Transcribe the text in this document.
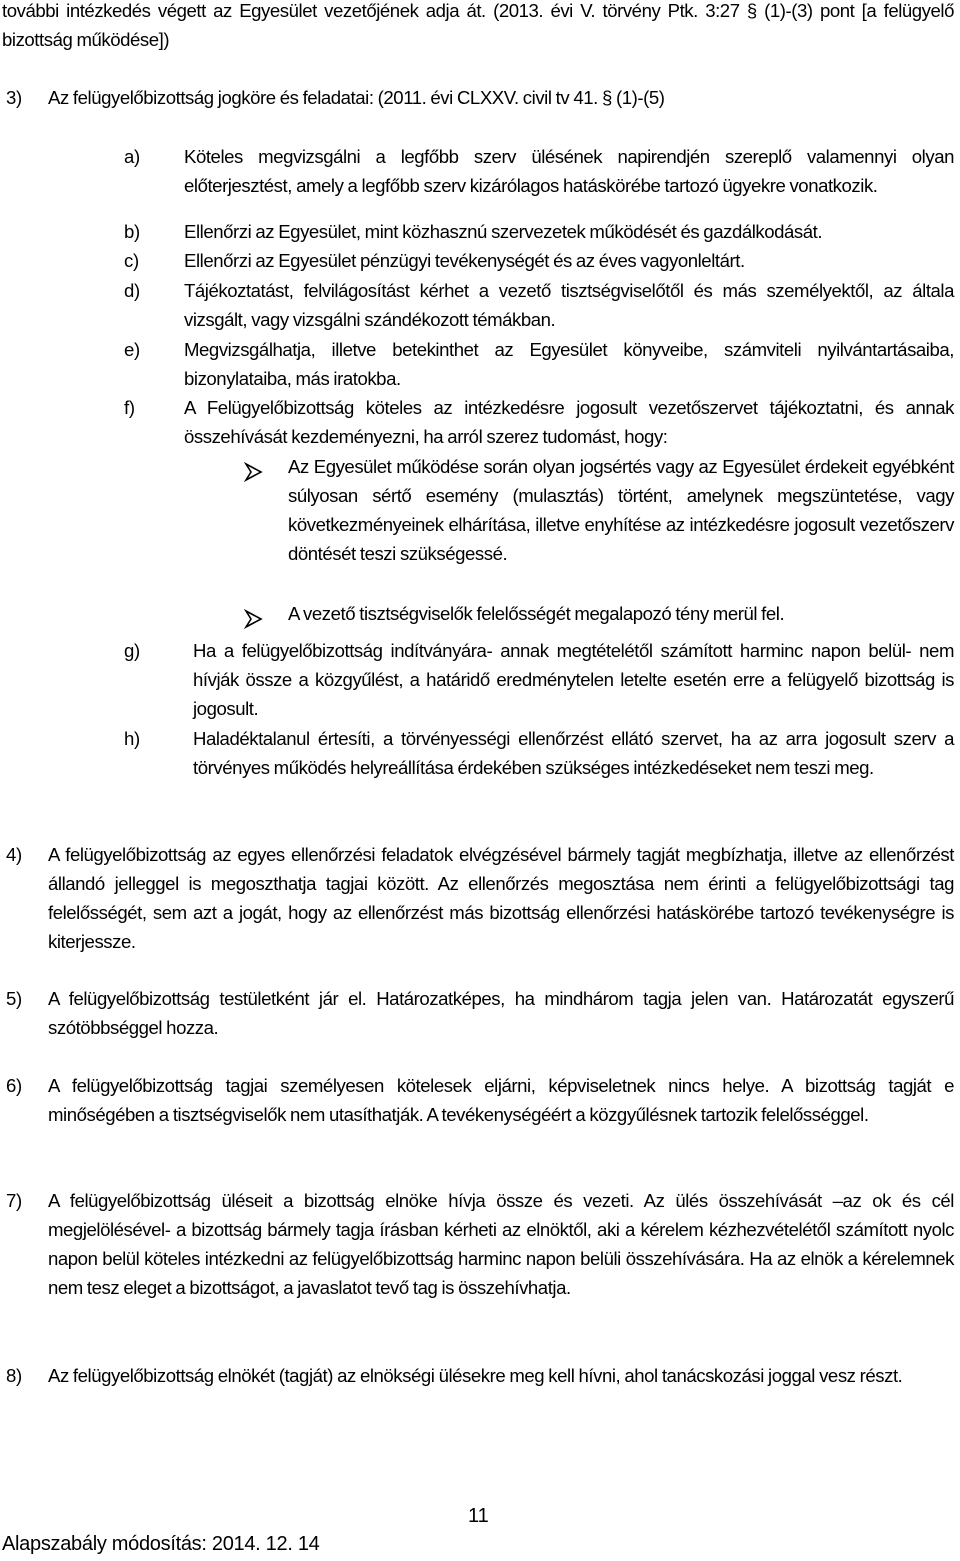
további intézkedés végett az Egyesület vezetőjének adja át. (2013. évi V. törvény Ptk. 3:27 § (1)-(3) pont [a felügyelő bizottság működése])
3) Az felügyelőbizottság jogköre és feladatai: (2011. évi CLXXV. civil tv 41. § (1)-(5)
a) Köteles megvizsgálni a legfőbb szerv ülésének napirendjén szereplő valamennyi olyan előterjesztést, amely a legfőbb szerv kizárólagos hatáskörébe tartozó ügyekre vonatkozik.
b) Ellenőrzi az Egyesület, mint közhasznú szervezetek működését és gazdálkodását.
c) Ellenőrzi az Egyesület pénzügyi tevékenységét és az éves vagyonleltárt.
d) Tájékoztatást, felvilágosítást kérhet a vezető tisztségviselőtől és más személyektől, az általa vizsgált, vagy vizsgálni szándékozott témákban.
e) Megvizsgálhatja, illetve betekinthet az Egyesület könyveibe, számviteli nyilvántartásaiba, bizonylataiba, más iratokba.
f)	A Felügyelőbizottság köteles az intézkedésre jogosult vezetőszervet tájékoztatni, és annak összehívását kezdeményezni, ha arról szerez tudomást, hogy:
Az Egyesület működése során olyan jogsértés vagy az Egyesület érdekeit egyébként súlyosan sértő esemény (mulasztás) történt, amelynek megszüntetése, vagy következményeinek elhárítása, illetve enyhítése az intézkedésre jogosult vezetőszerv döntését teszi szükségessé.
A vezető tisztségviselők felelősségét megalapozó tény merül fel.
g)	Ha a felügyelőbizottság indítványára- annak megtételétől számított harminc napon belül- nem hívják össze a közgyűlést, a határidő eredménytelen letelte esetén erre a felügyelő bizottság is jogosult.
h)	Haladéktalanul értesíti, a törvényességi ellenőrzést ellátó szervet, ha az arra jogosult szerv a törvényes működés helyreállítása érdekében szükséges intézkedéseket nem teszi meg.
4) A felügyelőbizottság az egyes ellenőrzési feladatok elvégzésével bármely tagját megbízhatja, illetve az ellenőrzést állandó jelleggel is megoszthatja tagjai között. Az ellenőrzés megosztása nem érinti a felügyelőbizottsági tag felelősségét, sem azt a jogát, hogy az ellenőrzést más bizottság ellenőrzési hatáskörébe tartozó tevékenységre is kiterjessze.
5) A felügyelőbizottság testületként jár el. Határozatképes, ha mindhárom tagja jelen van. Határozatát egyszerű szótöbbséggel hozza.
6) A felügyelőbizottság tagjai személyesen kötelesek eljárni, képviseletnek nincs helye. A bizottság tagját e minőségében a tisztségviselők nem utasíthatják. A tevékenységéért a közgyűlésnek tartozik felelősséggel.
7) A felügyelőbizottság üléseit a bizottság elnöke hívja össze és vezeti. Az ülés összehívását –az ok és cél megjelölésével- a bizottság bármely tagja írásban kérheti az elnöktől, aki a kérelem kézhezvételétől számított nyolc napon belül köteles intézkedni az felügyelőbizottság harminc napon belüli összehívására. Ha az elnök a kérelemnek nem tesz eleget a bizottságot, a javaslatot tevő tag is összehívhatja.
8) Az felügyelőbizottság elnökét (tagját) az elnökségi ülésekre meg kell hívni, ahol tanácskozási joggal vesz részt.
11
Alapszabály módosítás: 2014. 12. 14
